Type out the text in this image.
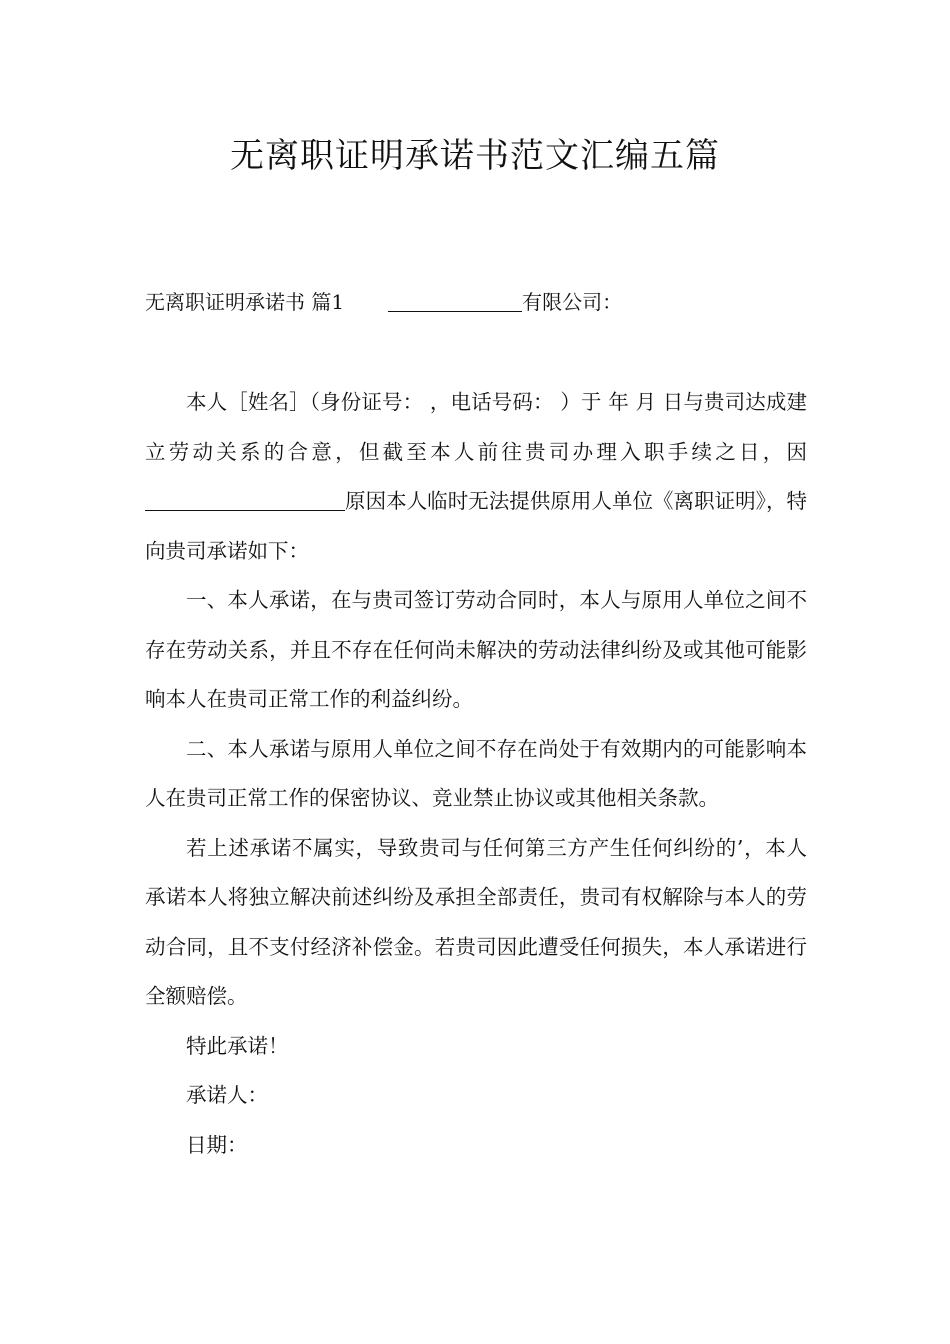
无离职证明承诺书范文汇编五篇
无离职证明承诺书 篇1	有限公司：

本人［姓名］（身份证号： ，电话号码： ）于 年 月 日与贵司达成建立劳动关系的合意，但截至本人前往贵司办理入职手续之日，因原因本人临时无法提供原用人单位《离职证明》，特向贵司承诺如下：

一、本人承诺，在与贵司签订劳动合同时，本人与原用人单位之间不存在劳动关系，并且不存在任何尚未解决的劳动法律纠纷及或其他可能影响本人在贵司正常工作的利益纠纷。

二、本人承诺与原用人单位之间不存在尚处于有效期内的可能影响本人在贵司正常工作的保密协议、竞业禁止协议或其他相关条款。

若上述承诺不属实，导致贵司与任何第三方产生任何纠纷的’，本人承诺本人将独立解决前述纠纷及承担全部责任，贵司有权解除与本人的劳动合同，且不支付经济补偿金。若贵司因此遭受任何损失，本人承诺进行全额赔偿。

特此承诺！

承诺人：

日期：
